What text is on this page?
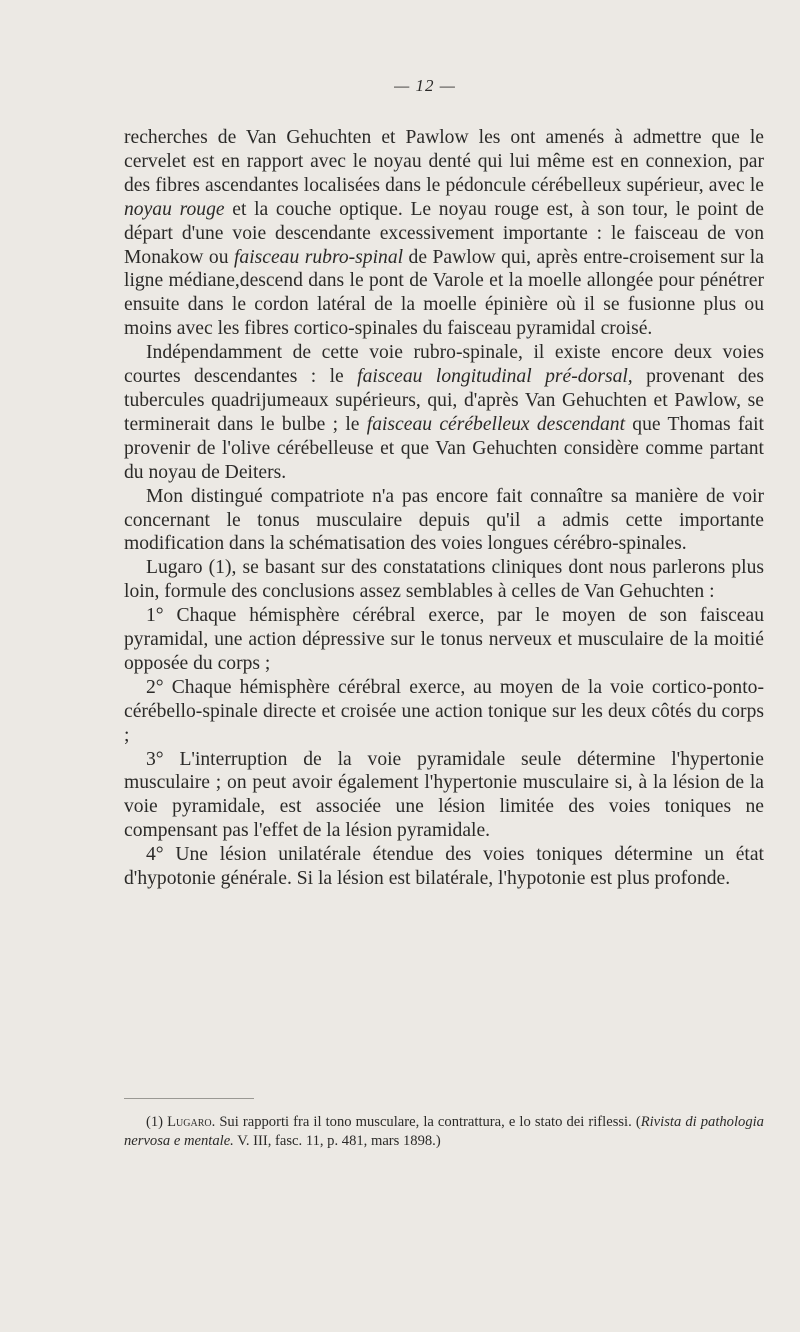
— 12 —

recherches de Van Gehuchten et Pawlow les ont amenés à admettre que le cervelet est en rapport avec le noyau denté qui lui même est en connexion, par des fibres ascendantes localisées dans le pédoncule cérébelleux supérieur, avec le noyau rouge et la couche optique. Le noyau rouge est, à son tour, le point de départ d'une voie descendante excessivement importante : le faisceau de von Monakow ou faisceau rubro-spinal de Pawlow qui, après entre-croisement sur la ligne médiane,descend dans le pont de Varole et la moelle allongée pour pénétrer ensuite dans le cordon latéral de la moelle épinière où il se fusionne plus ou moins avec les fibres cortico-spinales du faisceau pyramidal croisé.

Indépendamment de cette voie rubro-spinale, il existe encore deux voies courtes descendantes : le faisceau longitudinal pré-dorsal, provenant des tubercules quadrijumeaux supérieurs, qui, d'après Van Gehuchten et Pawlow, se terminerait dans le bulbe ; le faisceau cérébelleux descendant que Thomas fait provenir de l'olive cérébelleuse et que Van Gehuchten considère comme partant du noyau de Deiters.

Mon distingué compatriote n'a pas encore fait connaître sa manière de voir concernant le tonus musculaire depuis qu'il a admis cette importante modification dans la schématisation des voies longues cérébro-spinales.

Lugaro (1), se basant sur des constatations cliniques dont nous parlerons plus loin, formule des conclusions assez semblables à celles de Van Gehuchten :

1° Chaque hémisphère cérébral exerce, par le moyen de son faisceau pyramidal, une action dépressive sur le tonus nerveux et musculaire de la moitié opposée du corps ;

2° Chaque hémisphère cérébral exerce, au moyen de la voie cortico-ponto-cérébello-spinale directe et croisée une action tonique sur les deux côtés du corps ;

3° L'interruption de la voie pyramidale seule détermine l'hypertonie musculaire ; on peut avoir également l'hypertonie musculaire si, à la lésion de la voie pyramidale, est associée une lésion limitée des voies toniques ne compensant pas l'effet de la lésion pyramidale.

4° Une lésion unilatérale étendue des voies toniques détermine un état d'hypotonie générale. Si la lésion est bilatérale, l'hypotonie est plus profonde.

(1) Lugaro. Sui rapporti fra il tono musculare, la contrattura, e lo stato dei riflessi. (Rivista di pathologia nervosa e mentale. V. III, fasc. 11, p. 481, mars 1898.)
